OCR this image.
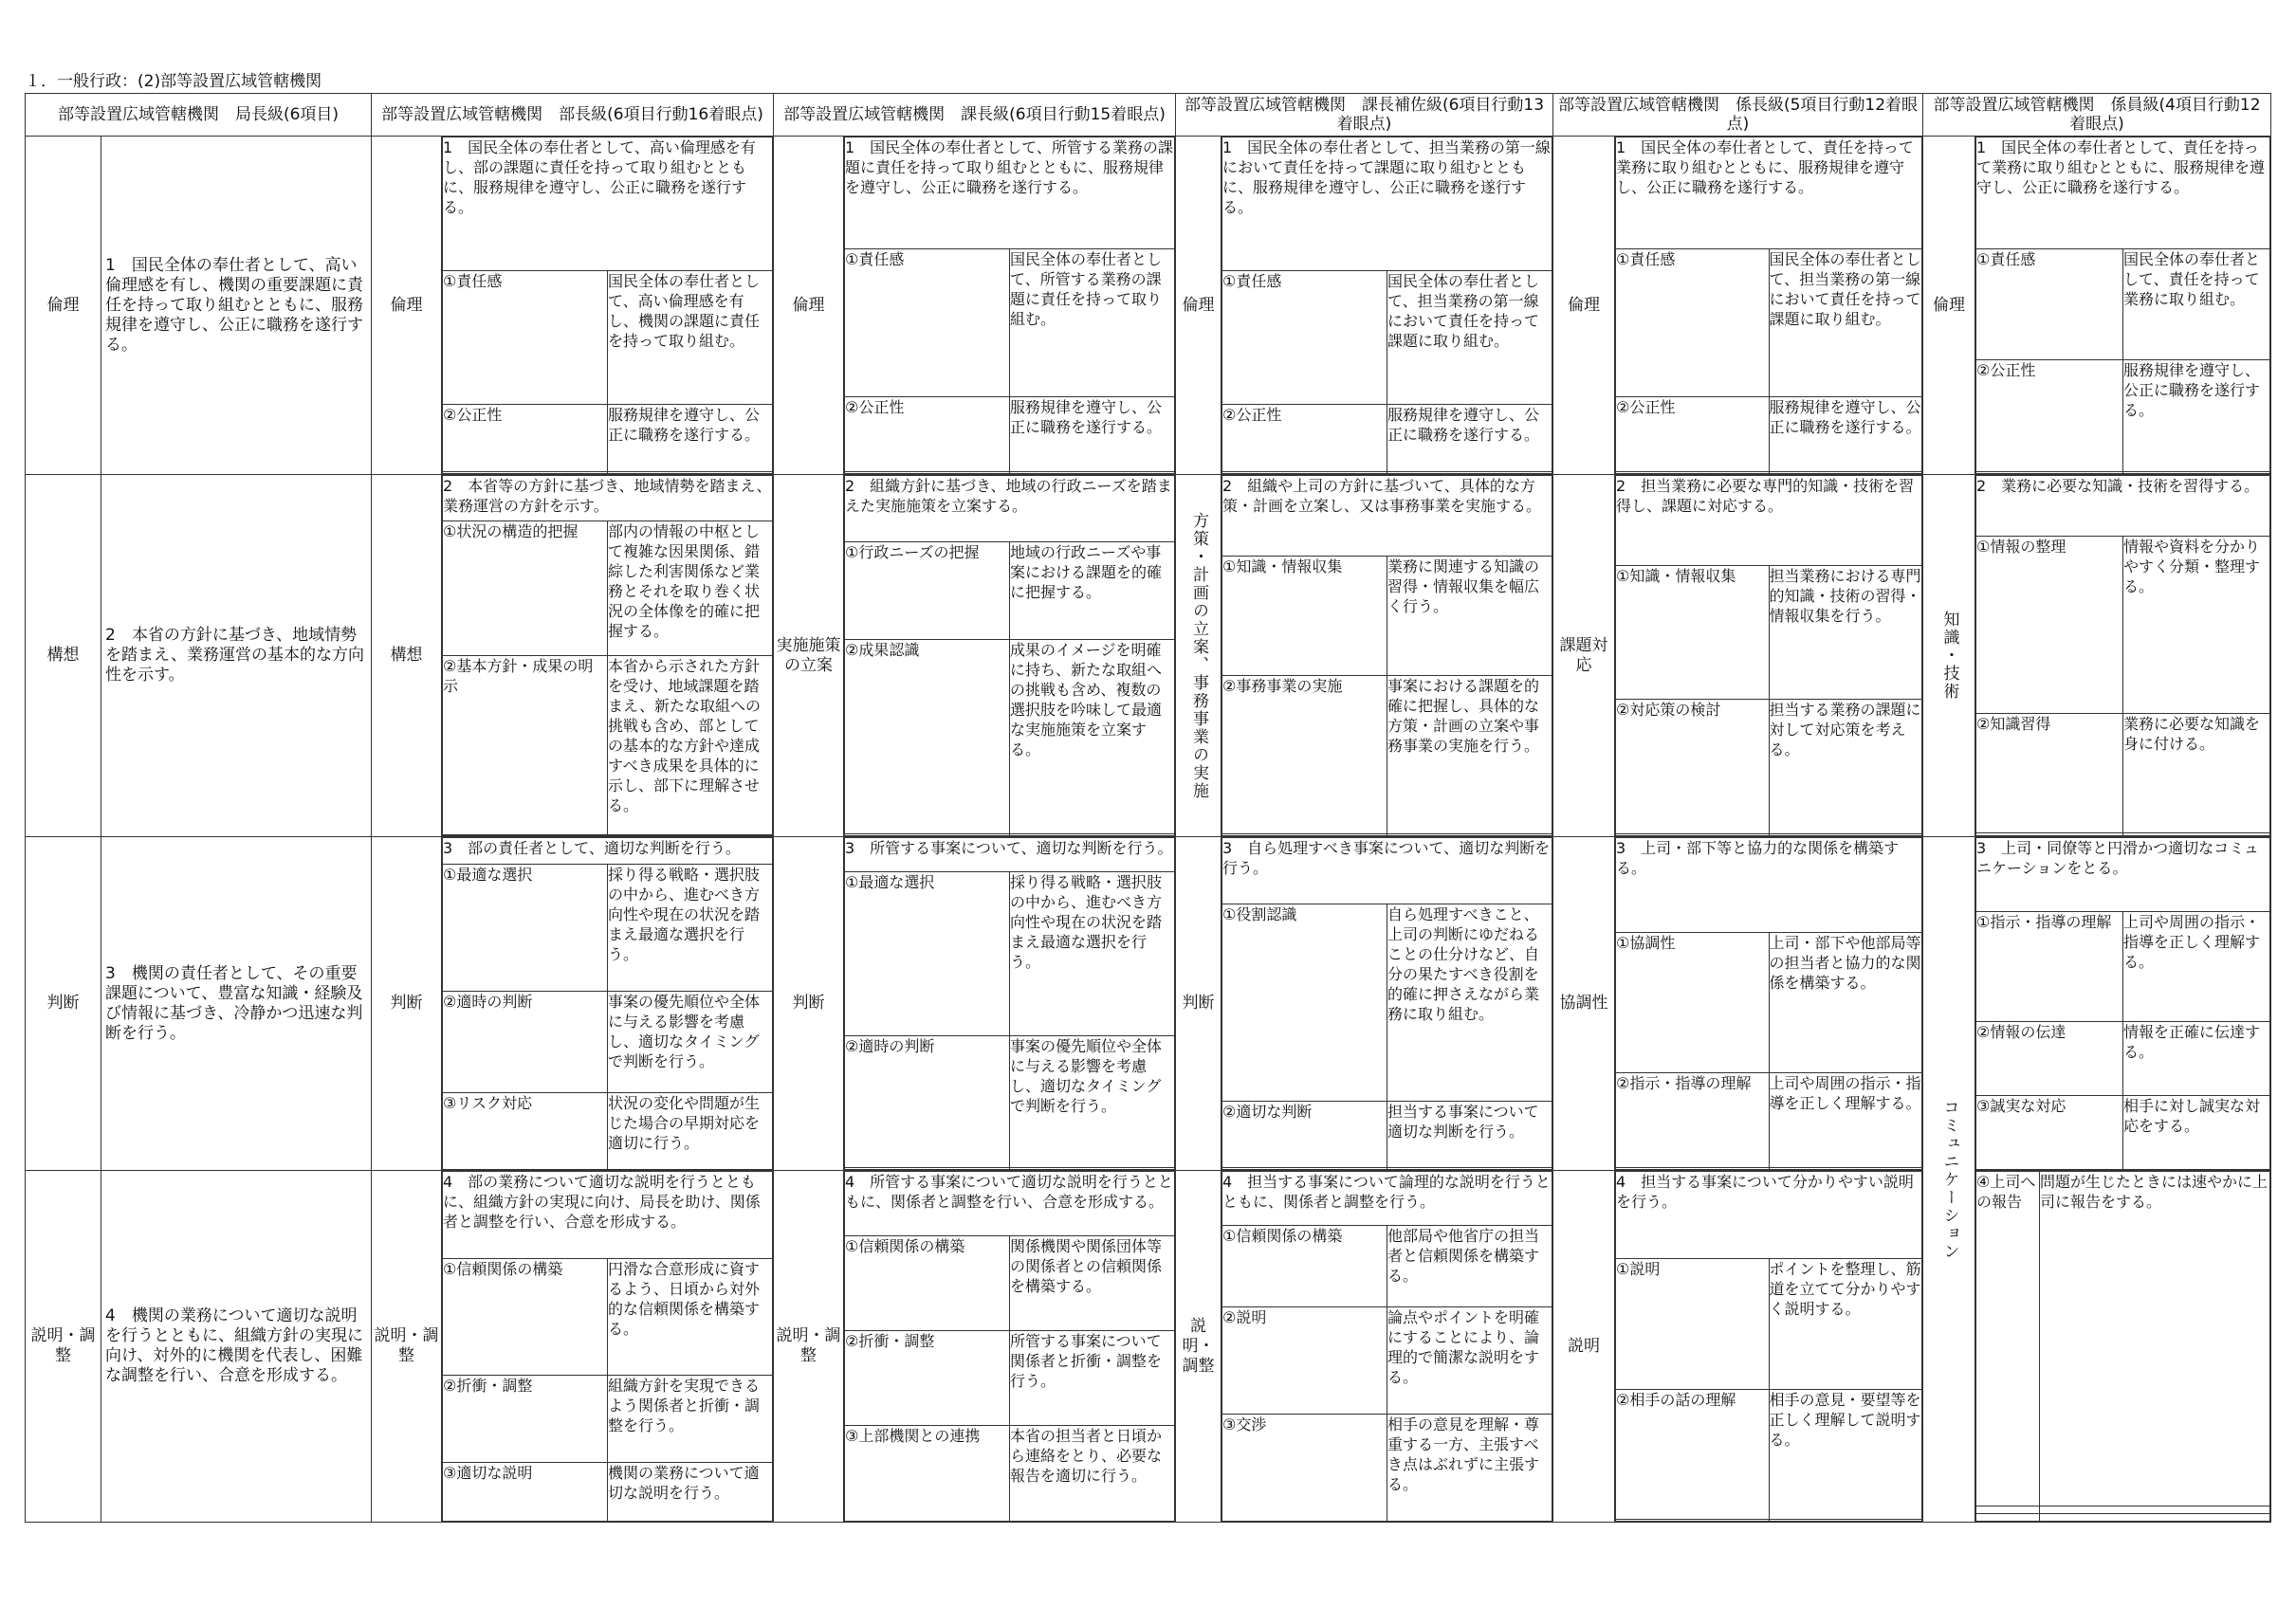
１．一般行政：(2)部等設置広域管轄機関
部等設置広域管轄機関　局長級(6項目)	部等設置広域管轄機関　部長級(6項目行動16着眼点)	部等設置広域管轄機関　課長級(6項目行動15着眼点)	部等設置広域管轄機関　課長補佐級(6項目行動13着眼点)	部等設置広域管轄機関　係長級(5項目行動12着眼点)	部等設置広域管轄機関　係員級(4項目行動12着眼点)
倫理	1　国民全体の奉仕者として、高い倫理感を有し、機関の重要課題に責任を持って取り組むとともに、服務規律を遵守し、公正に職務を遂行する。	倫理	
1　国民全体の奉仕者として、高い倫理感を有し、部の課題に責任を持って取り組むとともに、服務規律を遵守し、公正に職務を遂行する。
①責任感	国民全体の奉仕者として、高い倫理感を有し、機関の課題に責任を持って取り組む。
②公正性	服務規律を遵守し、公正に職務を遂行する。

	倫理	
1　国民全体の奉仕者として、所管する業務の課題に責任を持って取り組むとともに、服務規律を遵守し、公正に職務を遂行する。
①責任感	国民全体の奉仕者として、所管する業務の課題に責任を持って取り組む。
②公正性	服務規律を遵守し、公正に職務を遂行する。

	倫理	
1　国民全体の奉仕者として、担当業務の第一線において責任を持って課題に取り組むとともに、服務規律を遵守し、公正に職務を遂行する。
①責任感	国民全体の奉仕者として、担当業務の第一線において責任を持って課題に取り組む。
②公正性	服務規律を遵守し、公正に職務を遂行する。

	倫理	
1　国民全体の奉仕者として、責任を持って業務に取り組むとともに、服務規律を遵守し、公正に職務を遂行する。
①責任感	国民全体の奉仕者として、担当業務の第一線において責任を持って課題に取り組む。
②公正性	服務規律を遵守し、公正に職務を遂行する。

	倫理	
1　国民全体の奉仕者として、責任を持って業務に取り組むとともに、服務規律を遵守し、公正に職務を遂行する。
①責任感	国民全体の奉仕者として、責任を持って業務に取り組む。
②公正性	服務規律を遵守し、公正に職務を遂行する。

構想	2　本省の方針に基づき、地域情勢を踏まえ、業務運営の基本的な方向性を示す。	構想	
2　本省等の方針に基づき、地域情勢を踏まえ、業務運営の方針を示す。
①状況の構造的把握	部内の情報の中枢として複雑な因果関係、錯綜した利害関係など業務とそれを取り巻く状況の全体像を的確に把握する。
②基本方針・成果の明示	本省から示された方針を受け、地域課題を踏まえ、新たな取組への挑戦も含め、部としての基本的な方針や達成すべき成果を具体的に示し、部下に理解させる。

	実施施策の立案	
2　組織方針に基づき、地域の行政ニーズを踏まえた実施施策を立案する。
①行政ニーズの把握	地域の行政ニーズや事案における課題を的確に把握する。
②成果認識	成果のイメージを明確に持ち、新たな取組への挑戦も含め、複数の選択肢を吟味して最適な実施施策を立案する。

		方策・計画の立案、事務事業の実施	
2　組織や上司の方針に基づいて、具体的な方策・計画を立案し、又は事務事業を実施する。
①知識・情報収集	業務に関連する知識の習得・情報収集を幅広く行う。
②事務事業の実施	事案における課題を的確に把握し、具体的な方策・計画の立案や事務事業の実施を行う。

	課題対応	
2　担当業務に必要な専門的知識・技術を習得し、課題に対応する。
①知識・情報収集	担当業務における専門的知識・技術の習得・情報収集を行う。
②対応策の検討	担当する業務の課題に対して対応策を考える。

	知識・技術	
2　業務に必要な知識・技術を習得する。
①情報の整理	情報や資料を分かりやすく分類・整理する。
②知識習得	業務に必要な知識を身に付ける。

判断	3　機関の責任者として、その重要課題について、豊富な知識・経験及び情報に基づき、冷静かつ迅速な判断を行う。	判断	
3　部の責任者として、適切な判断を行う。
①最適な選択	採り得る戦略・選択肢の中から、進むべき方向性や現在の状況を踏まえ最適な選択を行う。
②適時の判断	事案の優先順位や全体に与える影響を考慮し、適切なタイミングで判断を行う。
③リスク対応	状況の変化や問題が生じた場合の早期対応を適切に行う。
	判断	
3　所管する事案について、適切な判断を行う。
①最適な選択	採り得る戦略・選択肢の中から、進むべき方向性や現在の状況を踏まえ最適な選択を行う。
②適時の判断	事案の優先順位や全体に与える影響を考慮し、適切なタイミングで判断を行う。

	判断	
3　自ら処理すべき事案について、適切な判断を行う。
①役割認識	自ら処理すべきこと、上司の判断にゆだねることの仕分けなど、自分の果たすべき役割を的確に押さえながら業務に取り組む。
②適切な判断	担当する事案について適切な判断を行う。

	協調性	
3　上司・部下等と協力的な関係を構築する。
①協調性	上司・部下や他部局等の担当者と協力的な関係を構築する。
②指示・指導の理解	上司や周囲の指示・指導を正しく理解する。

	コミュニケーション	
3　上司・同僚等と円滑かつ適切なコミュニケーションをとる。
①指示・指導の理解	上司や周囲の指示・指導を正しく理解する。
②情報の伝達	情報を正確に伝達する。
③誠実な対応	相手に対し誠実な対応をする。

説明・調整	4　機関の業務について適切な説明を行うとともに、組織方針の実現に向け、対外的に機関を代表し、困難な調整を行い、合意を形成する。	説明・調整	
4　部の業務について適切な説明を行うとともに、組織方針の実現に向け、局長を助け、関係者と調整を行い、合意を形成する。
①信頼関係の構築	円滑な合意形成に資するよう、日頃から対外的な信頼関係を構築する。
②折衝・調整	組織方針を実現できるよう関係者と折衝・調整を行う。
③適切な説明	機関の業務について適切な説明を行う。
	説明・調整	
4　所管する事案について適切な説明を行うとともに、関係者と調整を行い、合意を形成する。
①信頼関係の構築	関係機関や関係団体等の関係者との信頼関係を構築する。
②折衝・調整	所管する事案について関係者と折衝・調整を行う。
③上部機関との連携	本省の担当者と日頃から連絡をとり、必要な報告を適切に行う。
	説明・調整	
4　担当する事案について論理的な説明を行うとともに、関係者と調整を行う。
①信頼関係の構築	他部局や他省庁の担当者と信頼関係を構築する。
②説明	論点やポイントを明確にすることにより、論理的で簡潔な説明をする。
③交渉	相手の意見を理解・尊重する一方、主張すべき点はぶれずに主張する。
	説明	
4　担当する事案について分かりやすい説明を行う。
①説明	ポイントを整理し、筋道を立てて分かりやすく説明する。
②相手の話の理解	相手の意見・要望等を正しく理解して説明する。

④上司への報告	問題が生じたときには速やかに上司に報告をする。
